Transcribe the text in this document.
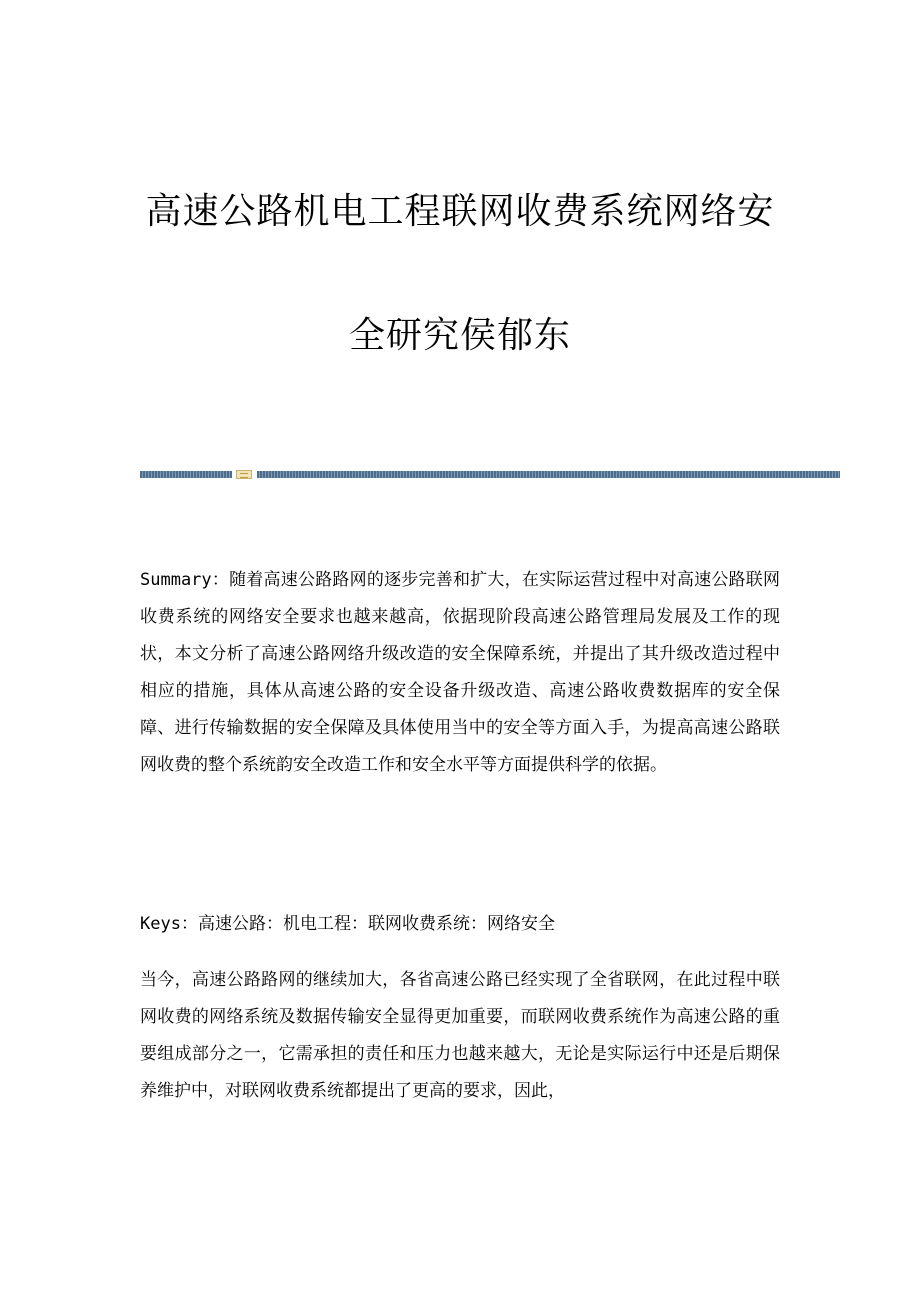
高速公路机电工程联网收费系统网络安
全研究侯郁东
Summary：随着高速公路路网的逐步完善和扩大，在实际运营过程中对高速公路联网收费系统的网络安全要求也越来越高，依据现阶段高速公路管理局发展及工作的现状，本文分析了高速公路网络升级改造的安全保障系统，并提出了其升级改造过程中相应的措施，具体从高速公路的安全设备升级改造、高速公路收费数据库的安全保障、进行传输数据的安全保障及具体使用当中的安全等方面入手，为提高高速公路联网收费的整个系统韵安全改造工作和安全水平等方面提供科学的依据。
Keys：高速公路：机电工程：联网收费系统：网络安全
当今，高速公路路网的继续加大，各省高速公路已经实现了全省联网，在此过程中联网收费的网络系统及数据传输安全显得更加重要，而联网收费系统作为高速公路的重要组成部分之一，它需承担的责任和压力也越来越大，无论是实际运行中还是后期保养维护中，对联网收费系统都提出了更高的要求，因此，
